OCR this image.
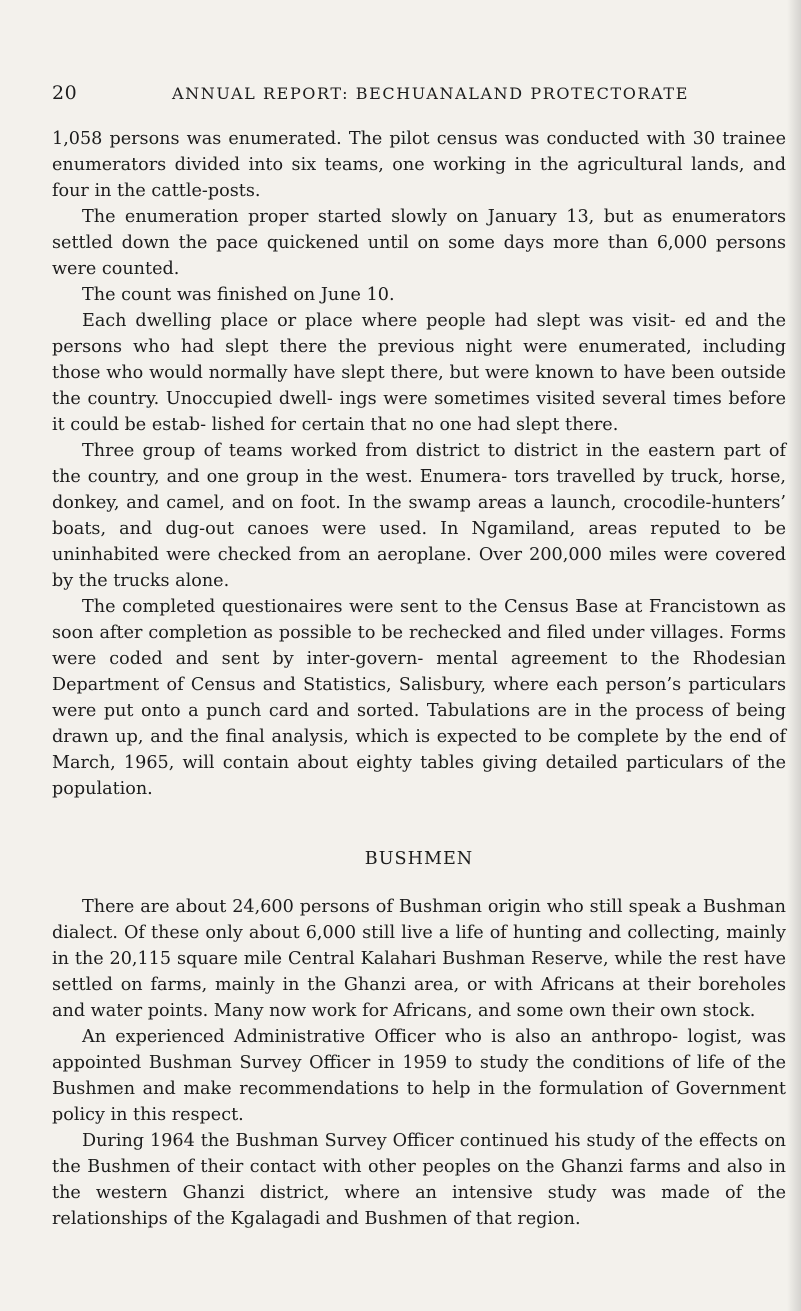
20	ANNUAL REPORT: BECHUANALAND PROTECTORATE

1,058 persons was enumerated. The pilot census was conducted with 30 trainee enumerators divided into six teams, one working in the agricultural lands, and four in the cattle-posts.

The enumeration proper started slowly on January 13, but as enumerators settled down the pace quickened until on some days more than 6,000 persons were counted.

The count was finished on June 10.

Each dwelling place or place where people had slept was visit- ed and the persons who had slept there the previous night were enumerated, including those who would normally have slept there, but were known to have been outside the country. Unoccupied dwell- ings were sometimes visited several times before it could be estab- lished for certain that no one had slept there.

Three group of teams worked from district to district in the eastern part of the country, and one group in the west. Enumera- tors travelled by truck, horse, donkey, and camel, and on foot. In the swamp areas a launch, crocodile-hunters’ boats, and dug-out canoes were used. In Ngamiland, areas reputed to be uninhabited were checked from an aeroplane. Over 200,000 miles were covered by the trucks alone.

The completed questionaires were sent to the Census Base at Francistown as soon after completion as possible to be rechecked and filed under villages. Forms were coded and sent by inter-govern- mental agreement to the Rhodesian Department of Census and Statistics, Salisbury, where each person’s particulars were put onto a punch card and sorted. Tabulations are in the process of being drawn up, and the final analysis, which is expected to be complete by the end of March, 1965, will contain about eighty tables giving detailed particulars of the population.

BUSHMEN

There are about 24,600 persons of Bushman origin who still speak a Bushman dialect. Of these only about 6,000 still live a life of hunting and collecting, mainly in the 20,115 square mile Central Kalahari Bushman Reserve, while the rest have settled on farms, mainly in the Ghanzi area, or with Africans at their boreholes and water points. Many now work for Africans, and some own their own stock.

An experienced Administrative Officer who is also an anthropo- logist, was appointed Bushman Survey Officer in 1959 to study the conditions of life of the Bushmen and make recommendations to help in the formulation of Government policy in this respect.

During 1964 the Bushman Survey Officer continued his study of the effects on the Bushmen of their contact with other peoples on the Ghanzi farms and also in the western Ghanzi district, where an intensive study was made of the relationships of the Kgalagadi and Bushmen of that region.
